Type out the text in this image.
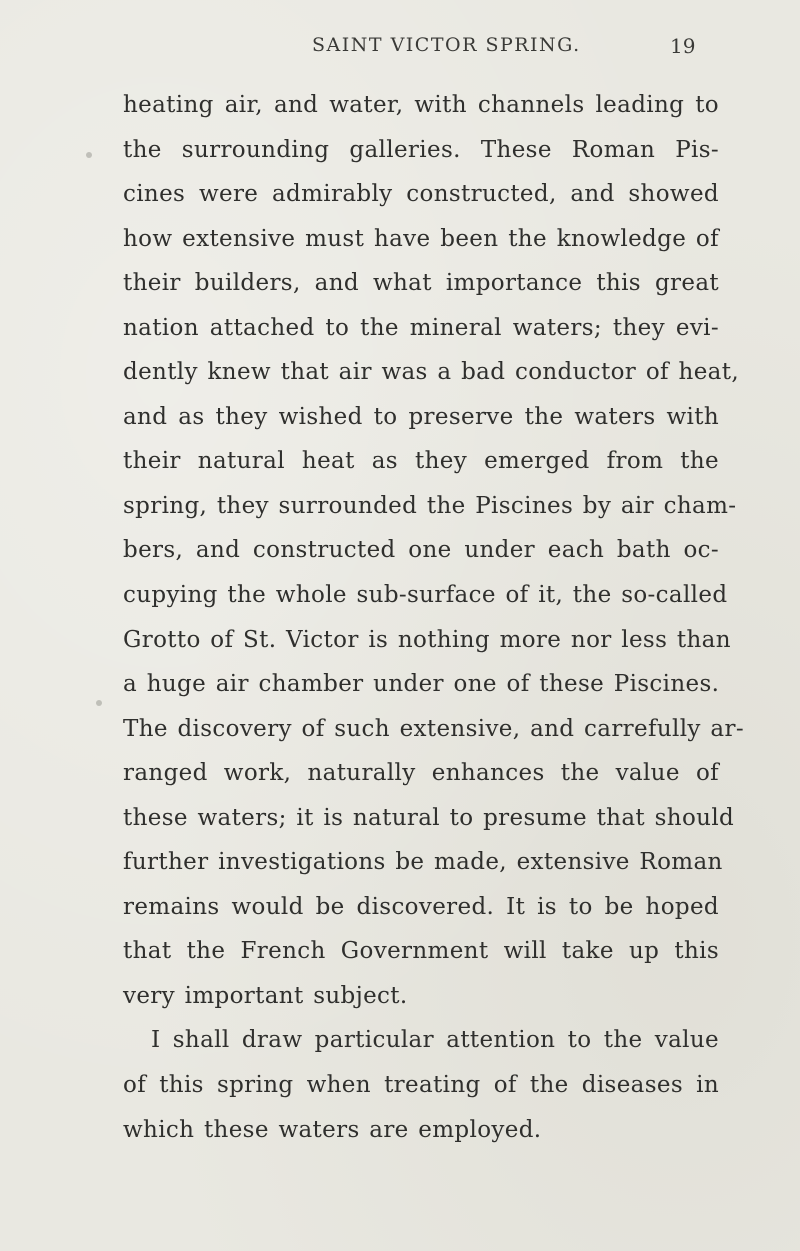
SAINT VICTOR SPRING.	19
heating air, and water, with channels leading to
the surrounding galleries. These Roman Pis-
cines were admirably constructed, and showed
how extensive must have been the knowledge of
their builders, and what importance this great
nation attached to the mineral waters; they evi-
dently knew that air was a bad conductor of heat,
and as they wished to preserve the waters with
their natural heat as they emerged from the
spring, they surrounded the Piscines by air cham-
bers, and constructed one under each bath oc-
cupying the whole sub-surface of it, the so-called
Grotto of St. Victor is nothing more nor less than
a huge air chamber under one of these Piscines.
The discovery of such extensive, and carrefully ar-
ranged work, naturally enhances the value of
these waters; it is natural to presume that should
further investigations be made, extensive Roman
remains would be discovered. It is to be hoped
that the French Government will take up this
very important subject.
I shall draw particular attention to the value
of this spring when treating of the diseases in
which these waters are employed.
